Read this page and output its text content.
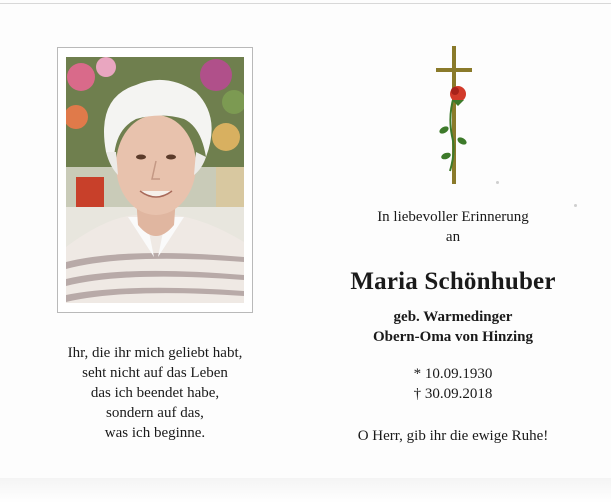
Ihr, die ihr mich geliebt habt,
seht nicht auf das Leben
das ich beendet habe,
sondern auf das,
was ich beginne.
In liebevoller Erinnerung
an
Maria Schönhuber
geb. Warmedinger
Obern-Oma von Hinzing
* 10.09.1930
† 30.09.2018
O Herr, gib ihr die ewige Ruhe!
